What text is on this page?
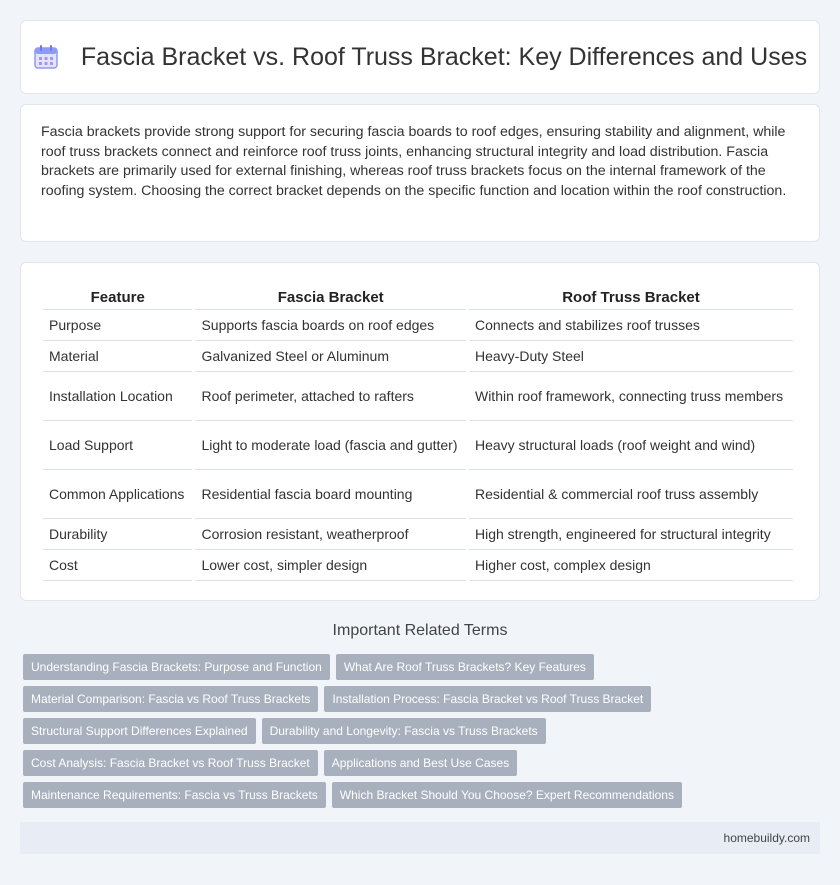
Fascia Bracket vs. Roof Truss Bracket: Key Differences and Uses

Fascia brackets provide strong support for securing fascia boards to roof edges, ensuring stability and alignment, while roof truss brackets connect and reinforce roof truss joints, enhancing structural integrity and load distribution. Fascia brackets are primarily used for external finishing, whereas roof truss brackets focus on the internal framework of the roofing system. Choosing the correct bracket depends on the specific function and location within the roof construction.

Feature	Fascia Bracket	Roof Truss Bracket
Purpose	Supports fascia boards on roof edges	Connects and stabilizes roof trusses
Material	Galvanized Steel or Aluminum	Heavy-Duty Steel
Installation Location	Roof perimeter, attached to rafters	Within roof framework, connecting truss members
Load Support	Light to moderate load (fascia and gutter)	Heavy structural loads (roof weight and wind)
Common Applications	Residential fascia board mounting	Residential & commercial roof truss assembly
Durability	Corrosion resistant, weatherproof	High strength, engineered for structural integrity
Cost	Lower cost, simpler design	Higher cost, complex design
Important Related Terms
Understanding Fascia Brackets: Purpose and Function	What Are Roof Truss Brackets? Key Features
Material Comparison: Fascia vs Roof Truss Brackets	Installation Process: Fascia Bracket vs Roof Truss Bracket
Structural Support Differences Explained	Durability and Longevity: Fascia vs Truss Brackets
Cost Analysis: Fascia Bracket vs Roof Truss Bracket	Applications and Best Use Cases
Maintenance Requirements: Fascia vs Truss Brackets	Which Bracket Should You Choose? Expert Recommendations
homebuildy.com
